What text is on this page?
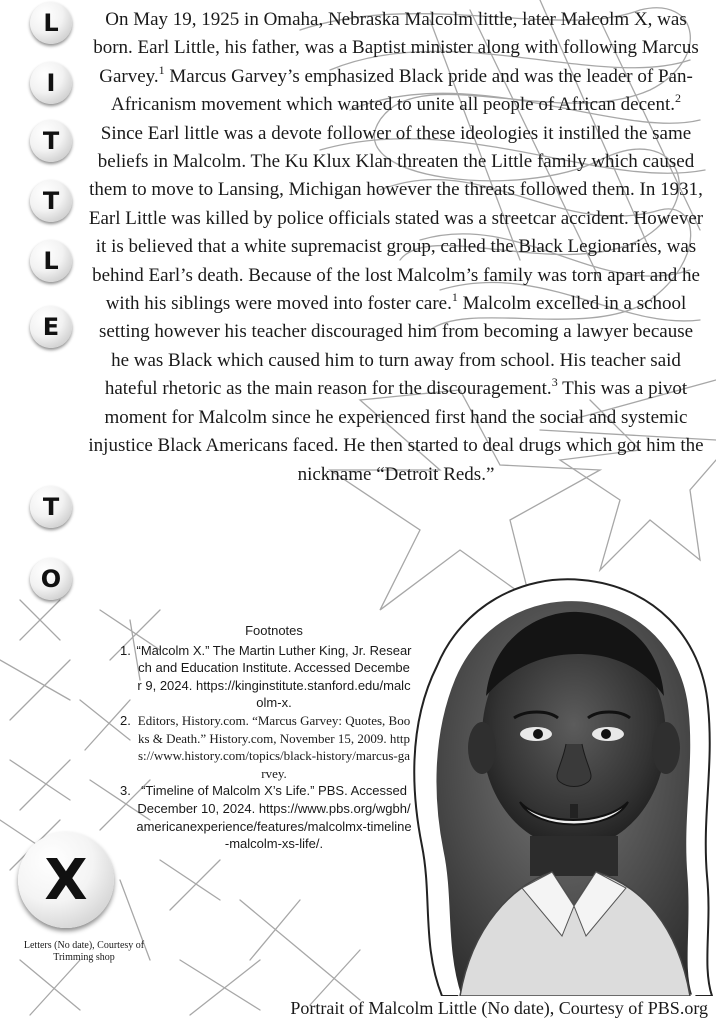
L
I
T
T
L
E
T
O
X

On May 19, 1925 in Omaha, Nebraska Malcolm little, later Malcolm X, was born. Earl Little, his father, was a Baptist minister along with following Marcus Garvey.$^1$ Marcus Garvey’s emphasized Black pride and was the leader of Pan-Africanism movement which wanted to unite all people of African decent.$^2$ Since Earl little was a devote follower of these ideologies it instilled the same beliefs in Malcolm. The Ku Klux Klan threaten the Little family which caused them to move to Lansing, Michigan however the threats followed them. In 1931, Earl Little was killed by police officials stated was a streetcar accident. However it is believed that a white supremacist group, called the Black Legionaries, was behind Earl’s death. Because of the lost Malcolm’s family was torn apart and he with his siblings were moved into foster care.$^1$ Malcolm excelled in a school setting however his teacher discouraged him from becoming a lawyer because he was Black which caused him to turn away from school. His teacher said hateful rhetoric as the main reason for the discouragement.$^3$ This was a pivot moment for Malcolm since he experienced first hand the social and systemic injustice Black Americans faced. He then started to deal drugs which got him the nickname “Detroit Reds.”

Footnotes
1. “Malcolm X.” The Martin Luther King, Jr. Research and Education Institute. Accessed December 9, 2024. https://kinginstitute.stanford.edu/malcolm-x.
2. Editors, History.com. “Marcus Garvey: Quotes, Books & Death.” History.com, November 15, 2009. https://www.history.com/topics/black-history/marcus-garvey.
3. “Timeline of Malcolm X’s Life.” PBS. Accessed December 10, 2024. https://www.pbs.org/wgbh/americanexperience/features/malcolmx-timeline-malcolm-xs-life/.
Letters (No date), Courtesy of Trimming shop
Portrait of Malcolm Little (No date), Courtesy of PBS.org
